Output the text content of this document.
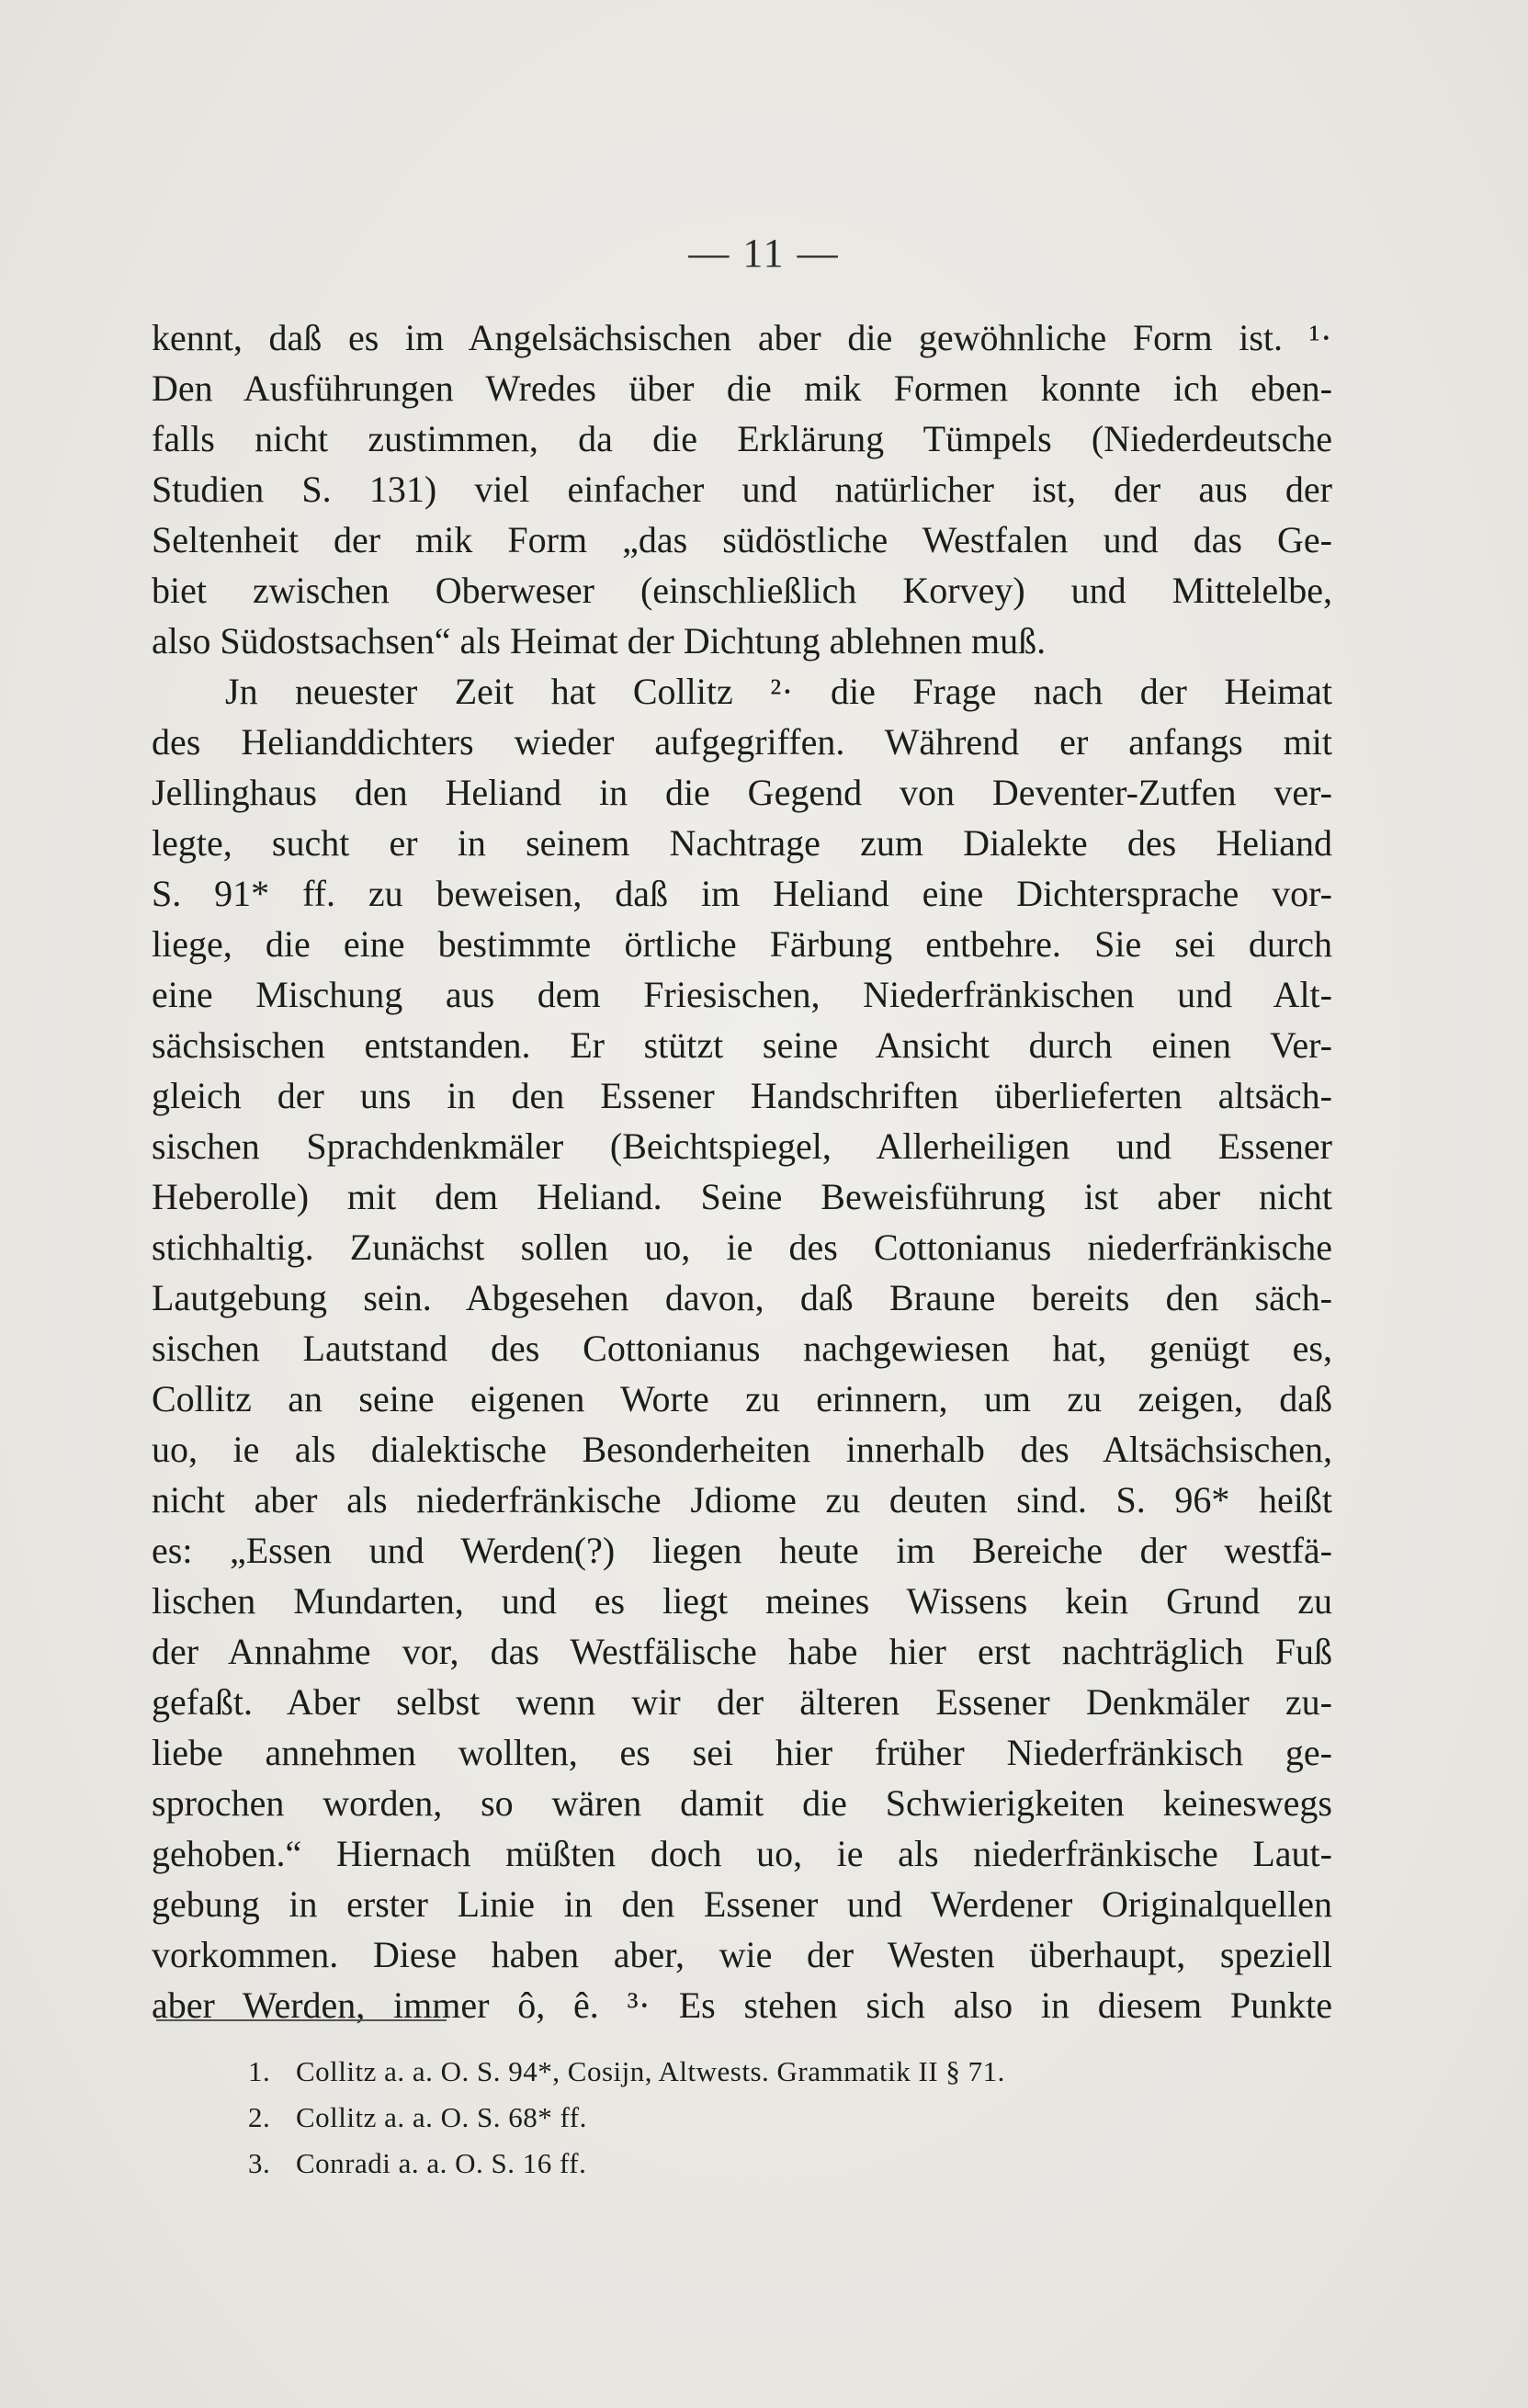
— 11 —
kennt, daß es im Angelsächsischen aber die gewöhnliche Form ist. ¹·
Den Ausführungen Wredes über die mik Formen konnte ich eben-
falls nicht zustimmen, da die Erklärung Tümpels (Niederdeutsche
Studien S. 131) viel einfacher und natürlicher ist, der aus der
Seltenheit der mik Form „das südöstliche Westfalen und das Ge-
biet zwischen Oberweser (einschließlich Korvey) und Mittelelbe,
also Südostsachsen“ als Heimat der Dichtung ablehnen muß.
Jn neuester Zeit hat Collitz ²· die Frage nach der Heimat
des Helianddichters wieder aufgegriffen. Während er anfangs mit
Jellinghaus den Heliand in die Gegend von Deventer-Zutfen ver-
legte, sucht er in seinem Nachtrage zum Dialekte des Heliand
S. 91* ff. zu beweisen, daß im Heliand eine Dichtersprache vor-
liege, die eine bestimmte örtliche Färbung entbehre. Sie sei durch
eine Mischung aus dem Friesischen, Niederfränkischen und Alt-
sächsischen entstanden. Er stützt seine Ansicht durch einen Ver-
gleich der uns in den Essener Handschriften überlieferten altsäch-
sischen Sprachdenkmäler (Beichtspiegel, Allerheiligen und Essener
Heberolle) mit dem Heliand. Seine Beweisführung ist aber nicht
stichhaltig. Zunächst sollen uo, ie des Cottonianus niederfränkische
Lautgebung sein. Abgesehen davon, daß Braune bereits den säch-
sischen Lautstand des Cottonianus nachgewiesen hat, genügt es,
Collitz an seine eigenen Worte zu erinnern, um zu zeigen, daß
uo, ie als dialektische Besonderheiten innerhalb des Altsächsischen,
nicht aber als niederfränkische Jdiome zu deuten sind. S. 96* heißt
es: „Essen und Werden(?) liegen heute im Bereiche der westfä-
lischen Mundarten, und es liegt meines Wissens kein Grund zu
der Annahme vor, das Westfälische habe hier erst nachträglich Fuß
gefaßt. Aber selbst wenn wir der älteren Essener Denkmäler zu-
liebe annehmen wollten, es sei hier früher Niederfränkisch ge-
sprochen worden, so wären damit die Schwierigkeiten keineswegs
gehoben.“ Hiernach müßten doch uo, ie als niederfränkische Laut-
gebung in erster Linie in den Essener und Werdener Originalquellen
vorkommen. Diese haben aber, wie der Westen überhaupt, speziell
aber Werden, immer ô, ê. ³· Es stehen sich also in diesem Punkte
1. Collitz a. a. O. S. 94*, Cosijn, Altwests. Grammatik II § 71.
2. Collitz a. a. O. S. 68* ff.
3. Conradi a. a. O. S. 16 ff.
